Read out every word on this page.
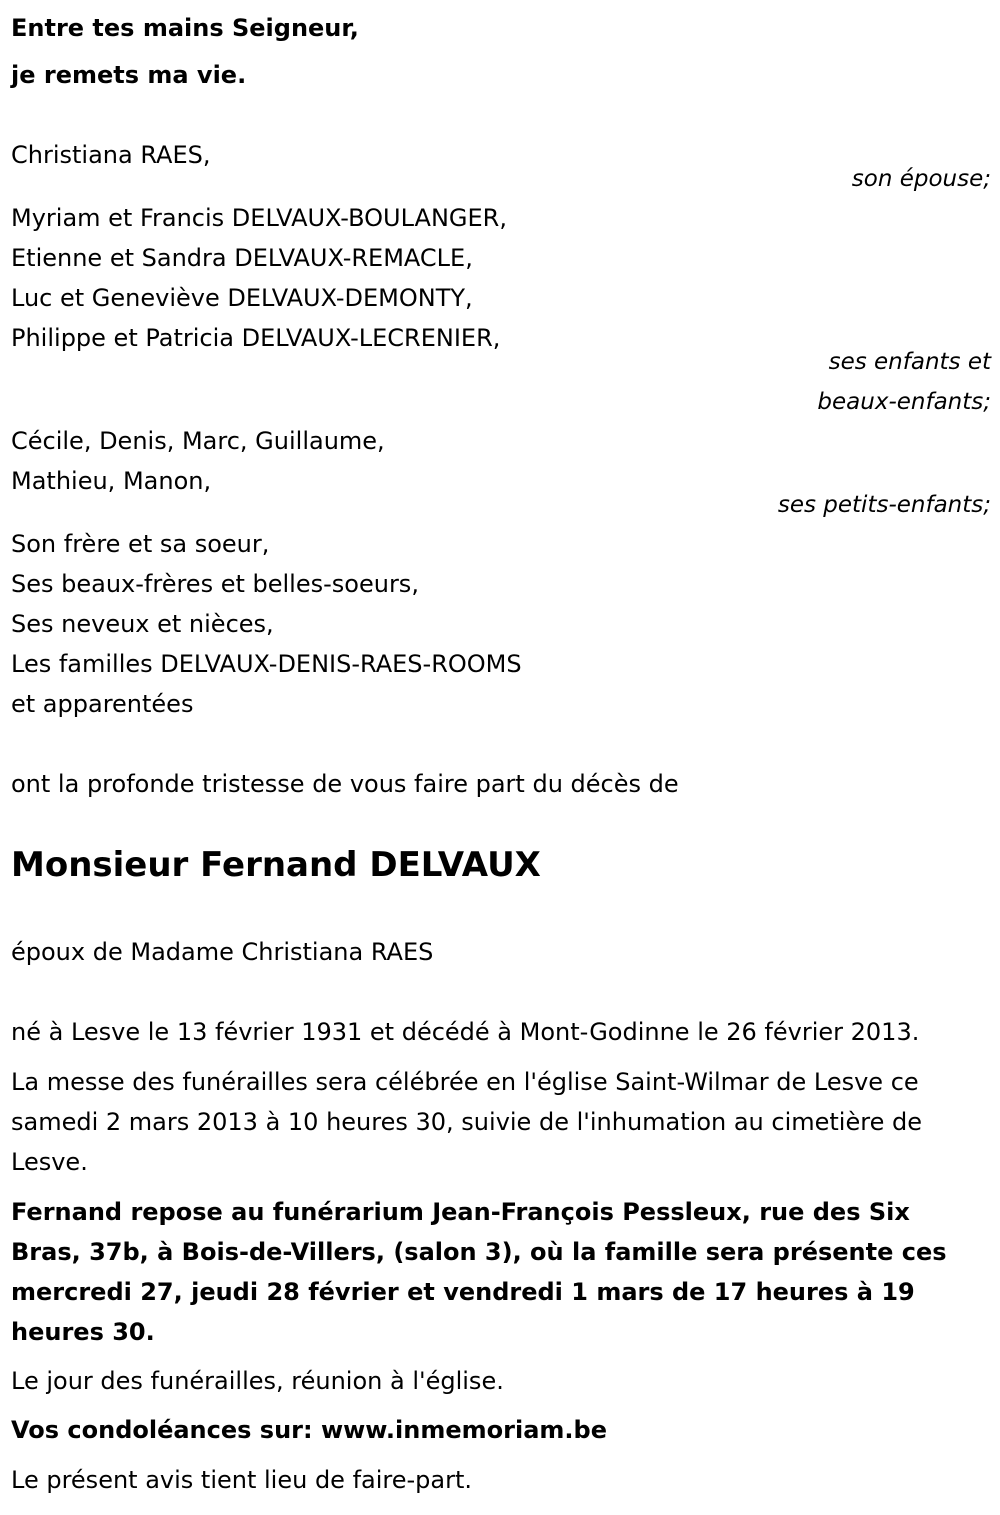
Entre tes mains Seigneur,
je remets ma vie.
Christiana RAES,
son épouse;
Myriam et Francis DELVAUX-BOULANGER,
Etienne et Sandra DELVAUX-REMACLE,
Luc et Geneviève DELVAUX-DEMONTY,
Philippe et Patricia DELVAUX-LECRENIER,
ses enfants et
beaux-enfants;
Cécile, Denis, Marc, Guillaume,
Mathieu, Manon,
ses petits-enfants;
Son frère et sa soeur,
Ses beaux-frères et belles-soeurs,
Ses neveux et nièces,
Les familles DELVAUX-DENIS-RAES-ROOMS
et apparentées
ont la profonde tristesse de vous faire part du décès de
Monsieur Fernand DELVAUX
époux de Madame Christiana RAES
né à Lesve le 13 février 1931 et décédé à Mont-Godinne le 26 février 2013.
La messe des funérailles sera célébrée en l'église Saint-Wilmar de Lesve ce samedi 2 mars 2013 à 10 heures 30, suivie de l'inhumation au cimetière de Lesve.
Fernand repose au funérarium Jean-François Pessleux, rue des Six Bras, 37b, à Bois-de-Villers, (salon 3), où la famille sera présente ces mercredi 27, jeudi 28 février et vendredi 1 mars de 17 heures à 19 heures 30.
Le jour des funérailles, réunion à l'église.
Vos condoléances sur: www.inmemoriam.be
Le présent avis tient lieu de faire-part.
